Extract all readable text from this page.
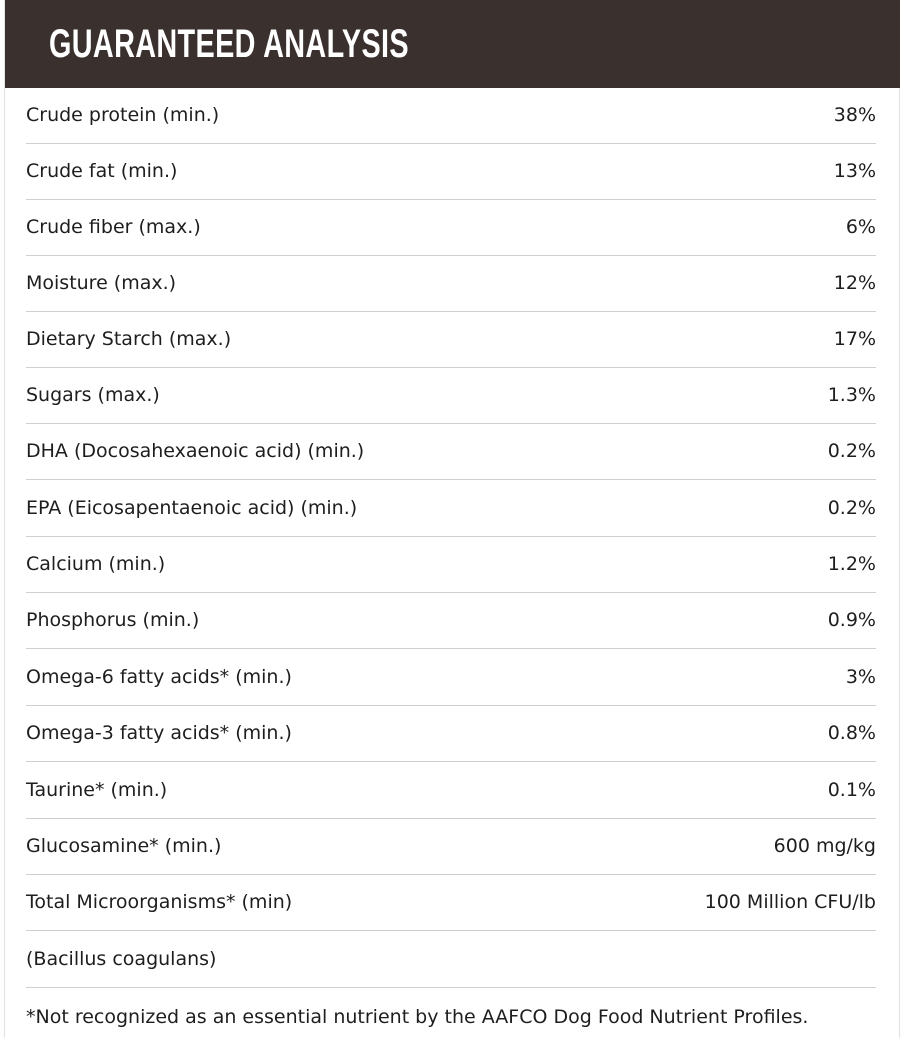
GUARANTEED ANALYSIS
Crude protein (min.)	38%
Crude fat (min.)	13%
Crude fiber (max.)	6%
Moisture (max.)	12%
Dietary Starch (max.)	17%
Sugars (max.)	1.3%
DHA (Docosahexaenoic acid) (min.)	0.2%
EPA (Eicosapentaenoic acid) (min.)	0.2%
Calcium (min.)	1.2%
Phosphorus (min.)	0.9%
Omega-6 fatty acids* (min.)	3%
Omega-3 fatty acids* (min.)	0.8%
Taurine* (min.)	0.1%
Glucosamine* (min.)	600 mg/kg
Total Microorganisms* (min)	100 Million CFU/lb
(Bacillus coagulans)
*Not recognized as an essential nutrient by the AAFCO Dog Food Nutrient Profiles.
